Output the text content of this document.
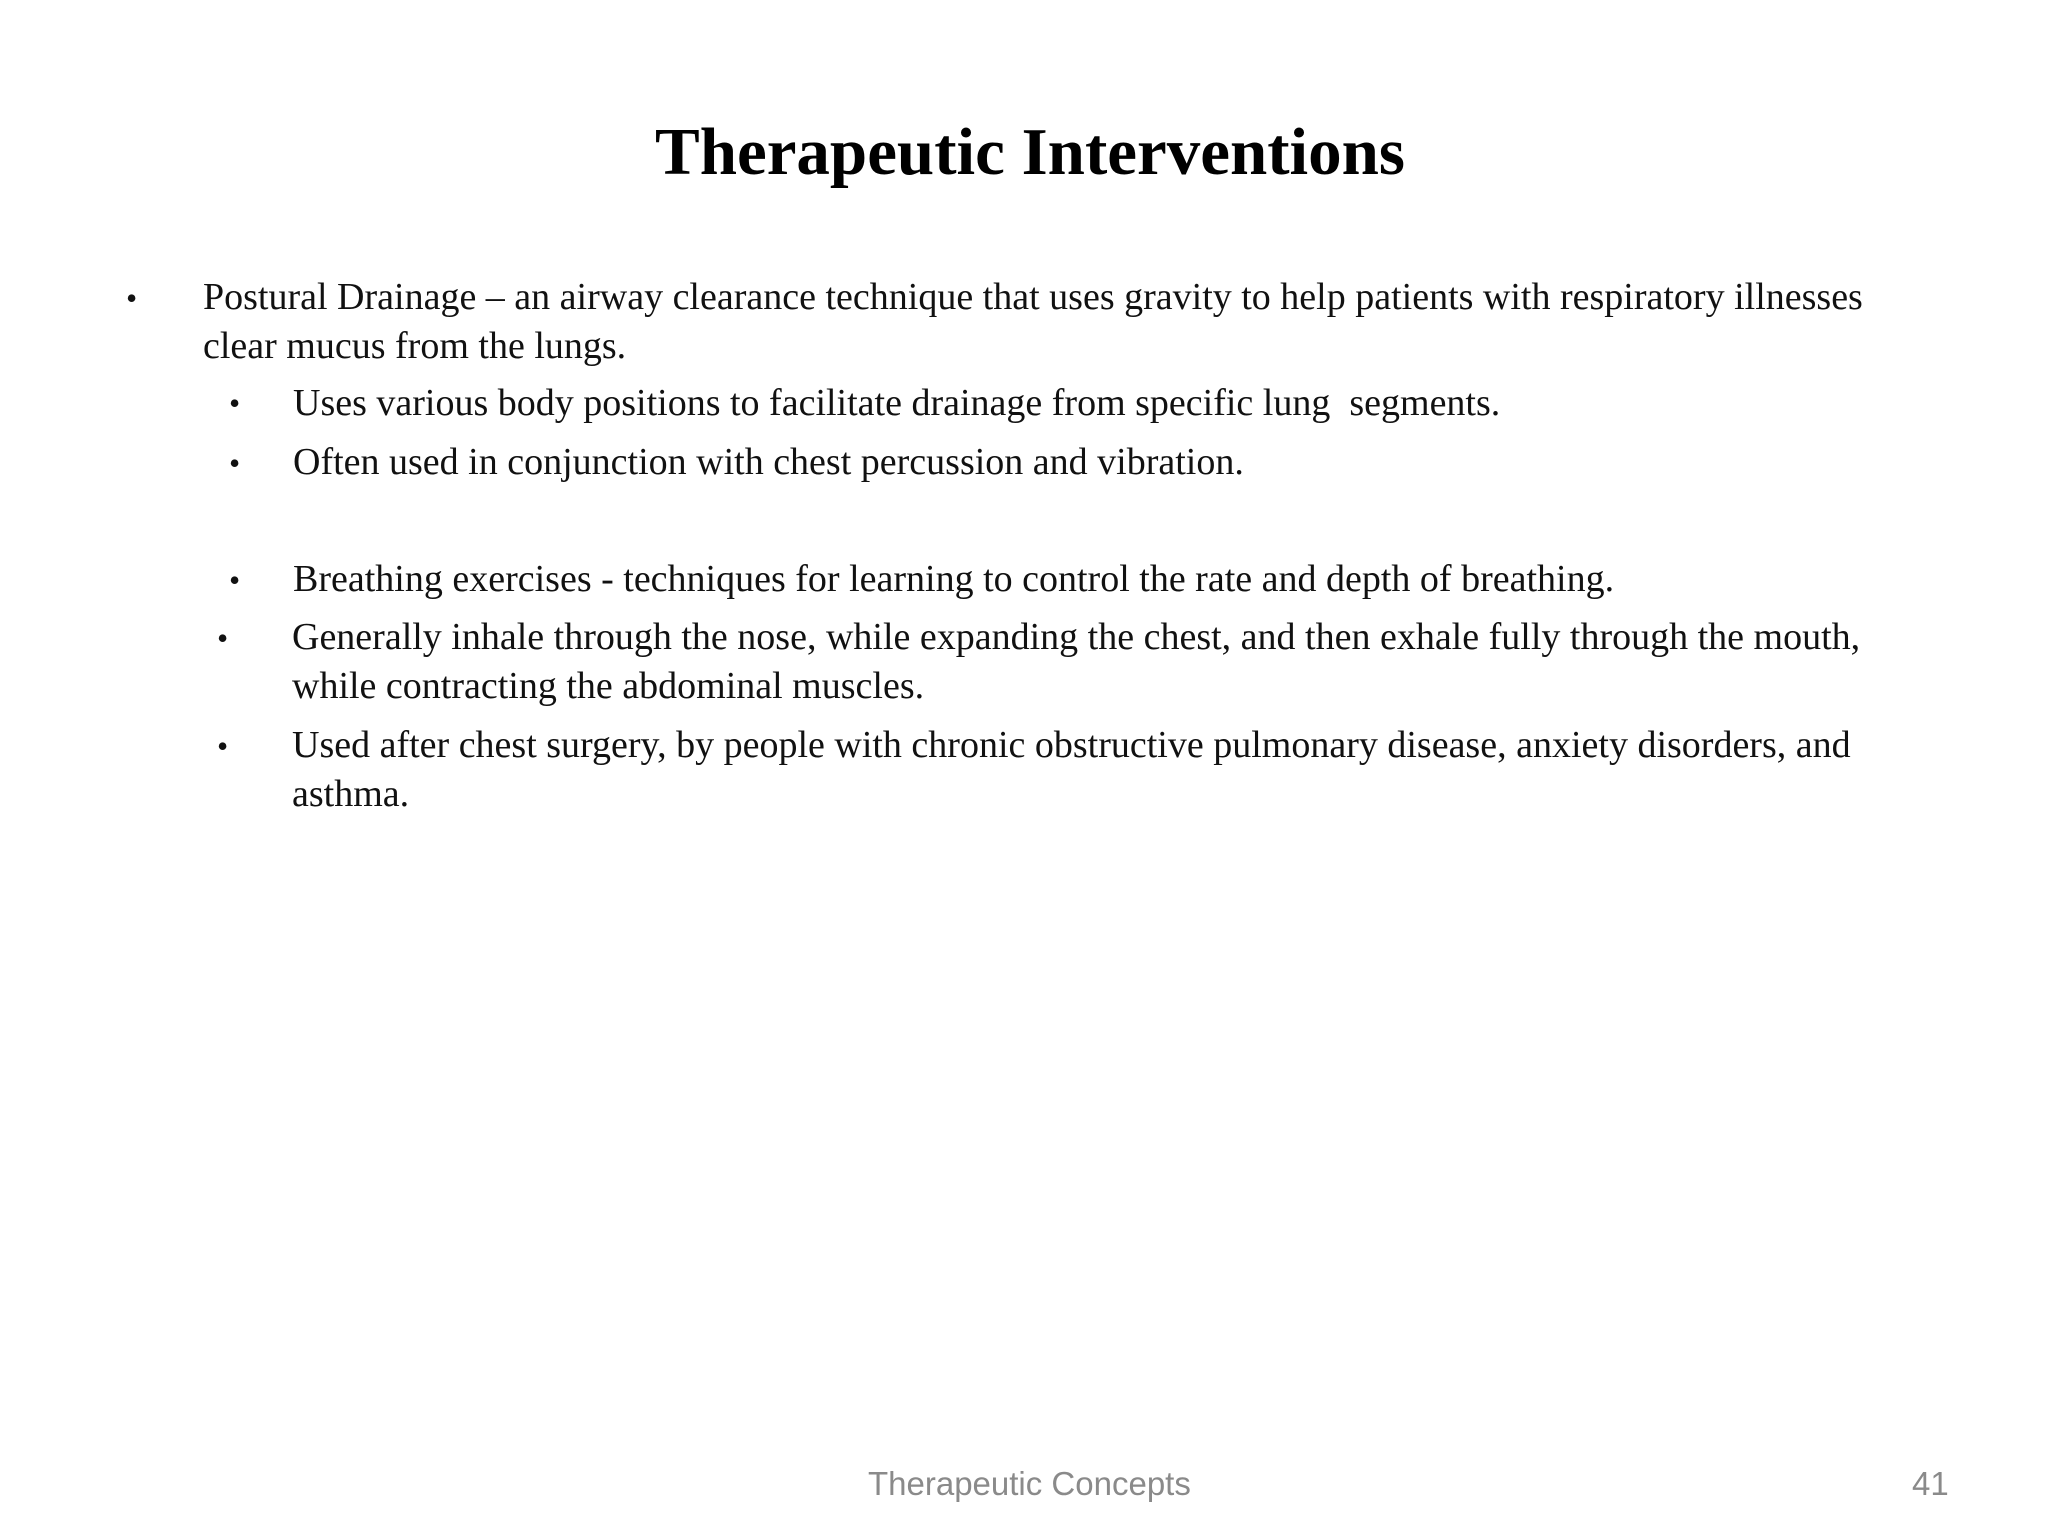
Therapeutic Interventions
• Postural Drainage – an airway clearance technique that uses gravity to help patients with respiratory illnesses clear mucus from the lungs.
• Uses various body positions to facilitate drainage from specific lung  segments.
• Often used in conjunction with chest percussion and vibration.
• Breathing exercises - techniques for learning to control the rate and depth of breathing.
• Generally inhale through the nose, while expanding the chest, and then exhale fully through the mouth, while contracting the abdominal muscles.
• Used after chest surgery, by people with chronic obstructive pulmonary disease, anxiety disorders, and asthma.
Therapeutic Concepts	41
